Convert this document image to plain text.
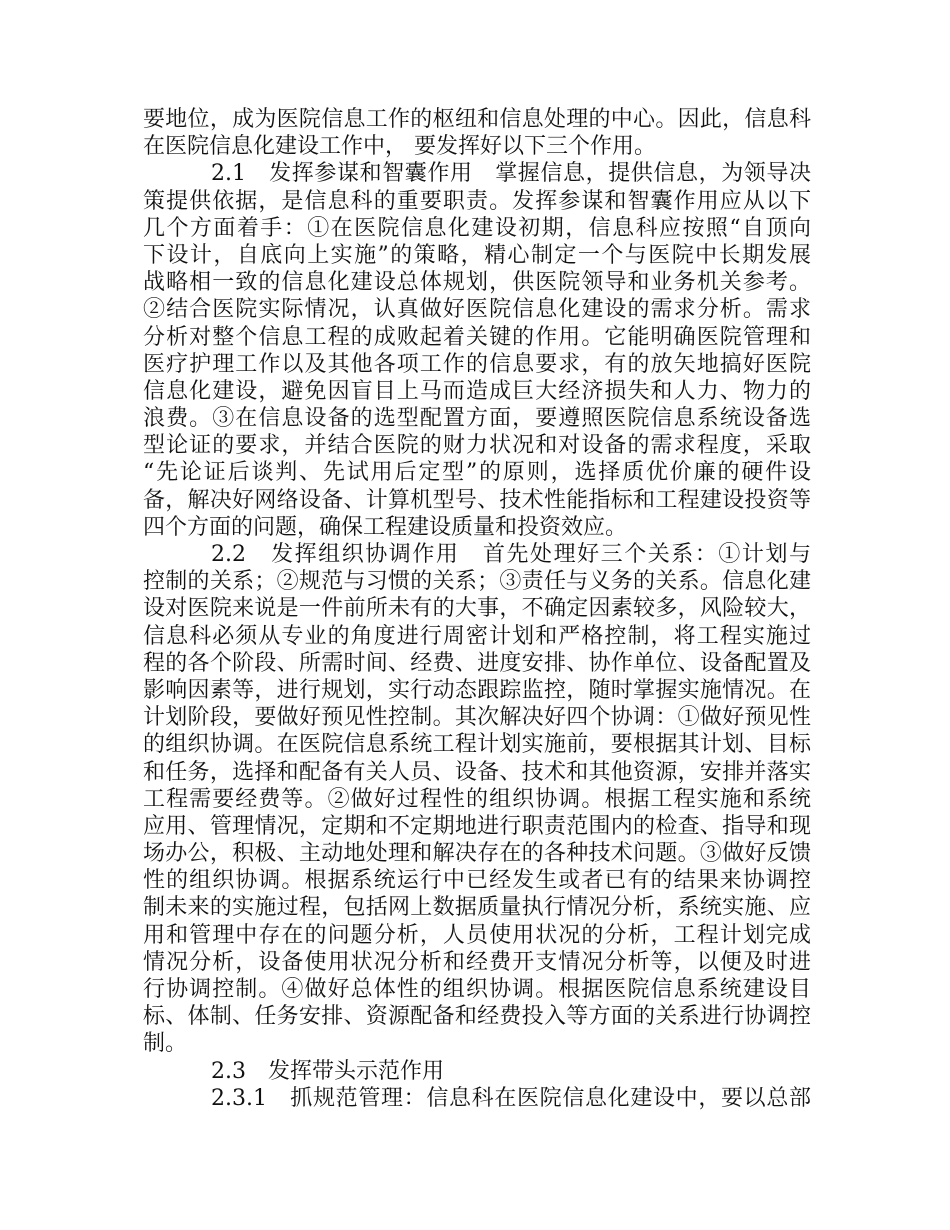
要地位，成为医院信息工作的枢纽和信息处理的中心。因此，信息科
在医院信息化建设工作中， 要发挥好以下三个作用。
2.1　发挥参谋和智囊作用　掌握信息，提供信息，为领导决
策提供依据，是信息科的重要职责。发挥参谋和智囊作用应从以下
几个方面着手：①在医院信息化建设初期，信息科应按照“自顶向
下设计，自底向上实施”的策略，精心制定一个与医院中长期发展
战略相一致的信息化建设总体规划，供医院领导和业务机关参考。
②结合医院实际情况，认真做好医院信息化建设的需求分析。需求
分析对整个信息工程的成败起着关键的作用。它能明确医院管理和
医疗护理工作以及其他各项工作的信息要求，有的放矢地搞好医院
信息化建设，避免因盲目上马而造成巨大经济损失和人力、物力的
浪费。③在信息设备的选型配置方面，要遵照医院信息系统设备选
型论证的要求，并结合医院的财力状况和对设备的需求程度，采取
“先论证后谈判、先试用后定型”的原则，选择质优价廉的硬件设
备，解决好网络设备、计算机型号、技术性能指标和工程建设投资等
四个方面的问题，确保工程建设质量和投资效应。
2.2　发挥组织协调作用　首先处理好三个关系：①计划与
控制的关系；②规范与习惯的关系；③责任与义务的关系。信息化建
设对医院来说是一件前所未有的大事，不确定因素较多，风险较大，
信息科必须从专业的角度进行周密计划和严格控制，将工程实施过
程的各个阶段、所需时间、经费、进度安排、协作单位、设备配置及
影响因素等，进行规划，实行动态跟踪监控，随时掌握实施情况。在
计划阶段，要做好预见性控制。其次解决好四个协调：①做好预见性
的组织协调。在医院信息系统工程计划实施前，要根据其计划、目标
和任务，选择和配备有关人员、设备、技术和其他资源，安排并落实
工程需要经费等。②做好过程性的组织协调。根据工程实施和系统
应用、管理情况，定期和不定期地进行职责范围内的检查、指导和现
场办公，积极、主动地处理和解决存在的各种技术问题。③做好反馈
性的组织协调。根据系统运行中已经发生或者已有的结果来协调控
制未来的实施过程，包括网上数据质量执行情况分析，系统实施、应
用和管理中存在的问题分析，人员使用状况的分析，工程计划完成
情况分析，设备使用状况分析和经费开支情况分析等，以便及时进
行协调控制。④做好总体性的组织协调。根据医院信息系统建设目
标、体制、任务安排、资源配备和经费投入等方面的关系进行协调控
制。
2.3　发挥带头示范作用
2.3.1　抓规范管理：信息科在医院信息化建设中，要以总部
